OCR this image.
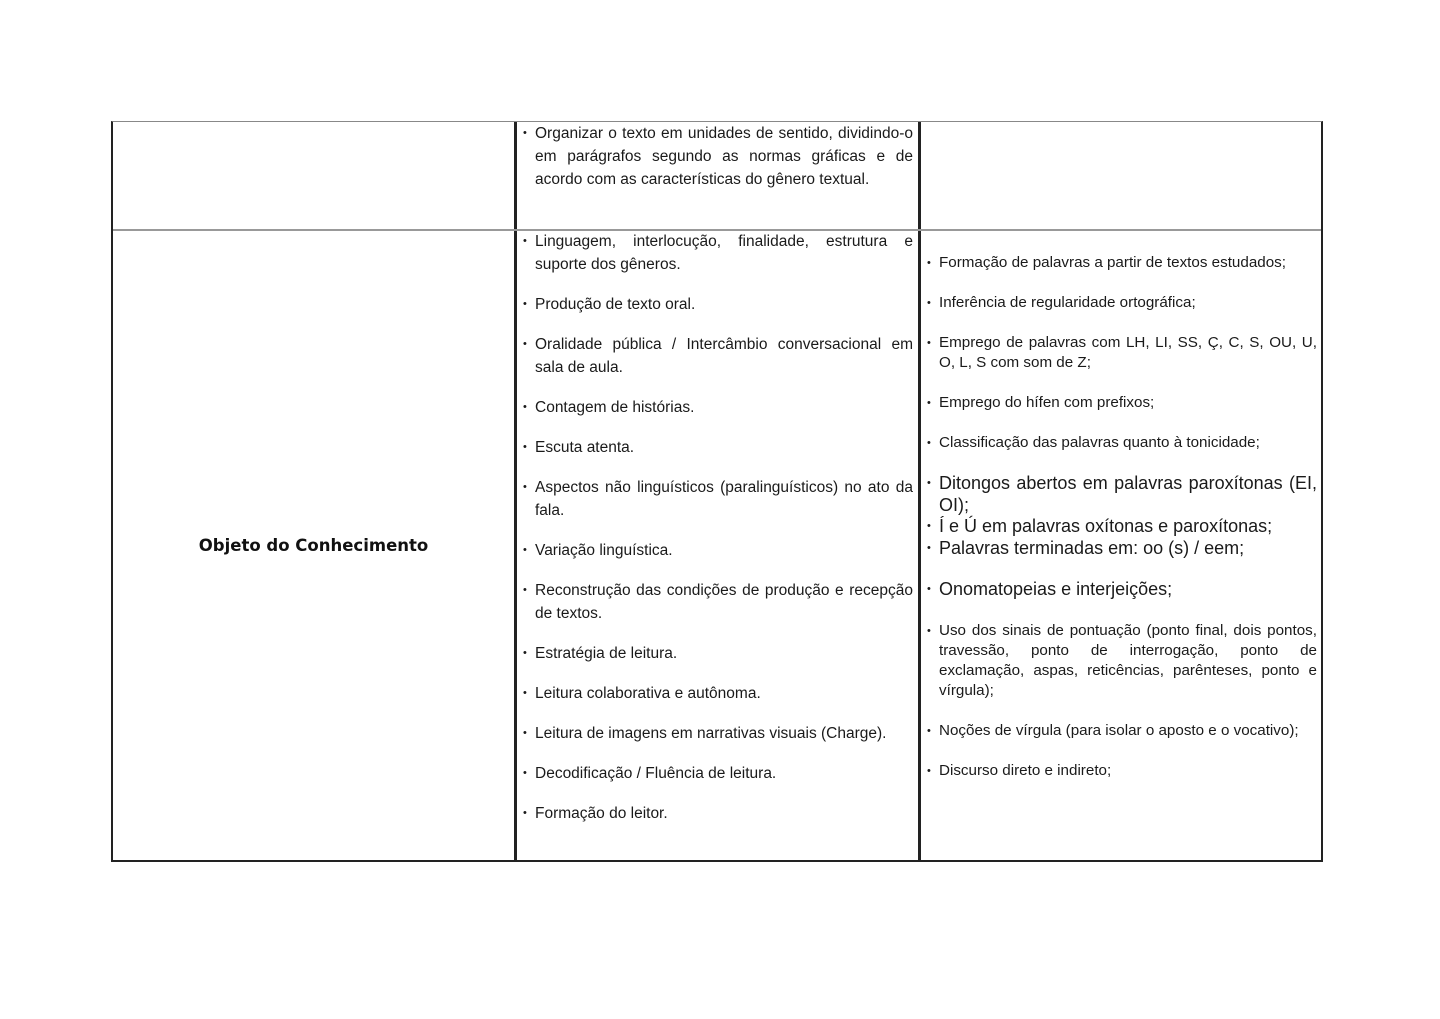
• Organizar o texto em unidades de sentido, dividindo-o em parágrafos segundo as normas gráficas e de acordo com as características do gênero textual.
Objeto do Conhecimento
• Linguagem, interlocução, finalidade, estrutura e suporte dos gêneros.
• Produção de texto oral.
• Oralidade pública / Intercâmbio conversacional em sala de aula.
• Contagem de histórias.
• Escuta atenta.
• Aspectos não linguísticos (paralinguísticos) no ato da fala.
• Variação linguística.
• Reconstrução das condições de produção e recepção de textos.
• Estratégia de leitura.
• Leitura colaborativa e autônoma.
• Leitura de imagens em narrativas visuais (Charge).
• Decodificação / Fluência de leitura.
• Formação do leitor.
• Formação de palavras a partir de textos estudados;
• Inferência de regularidade ortográfica;
• Emprego de palavras com LH, LI, SS, Ç, C, S, OU, U, O, L, S com som de Z;
• Emprego do hífen com prefixos;
• Classificação das palavras quanto à tonicidade;
• Ditongos abertos em palavras paroxítonas (EI, OI);
• Í e Ú em palavras oxítonas e paroxítonas;
• Palavras terminadas em: oo (s) / eem;
• Onomatopeias e interjeições;
• Uso dos sinais de pontuação (ponto final, dois pontos, travessão, ponto de interrogação, ponto de exclamação, aspas, reticências, parênteses, ponto e vírgula);
• Noções de vírgula (para isolar o aposto e o vocativo);
• Discurso direto e indireto;
